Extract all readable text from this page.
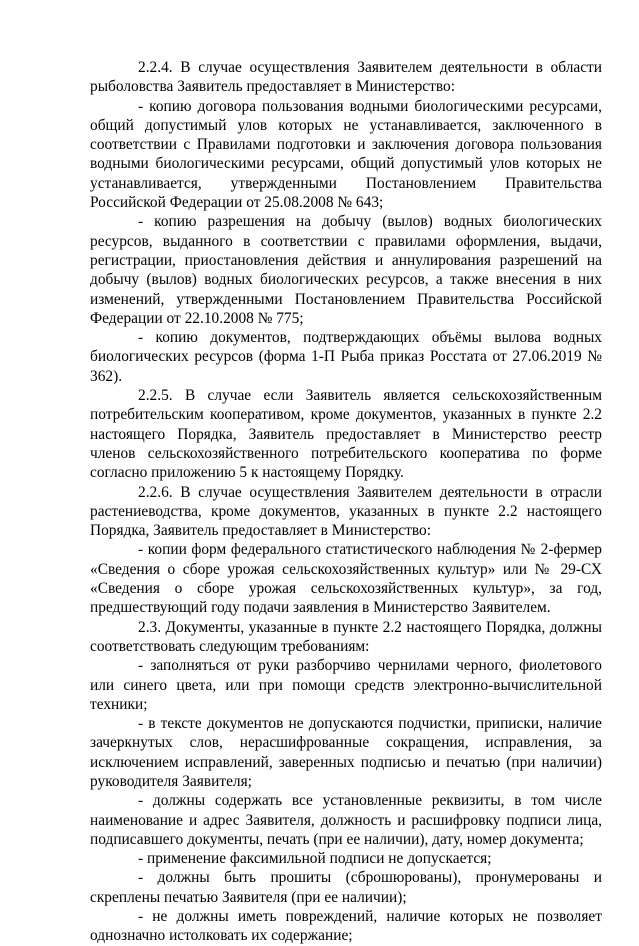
2.2.4. В случае осуществления Заявителем деятельности в области рыболовства Заявитель предоставляет в Министерство:

- копию договора пользования водными биологическими ресурсами, общий допустимый улов которых не устанавливается, заключенного в соответствии с Правилами подготовки и заключения договора пользования водными биологическими ресурсами, общий допустимый улов которых не устанавливается, утвержденными Постановлением Правительства Российской Федерации от 25.08.2008 № 643;

- копию разрешения на добычу (вылов) водных биологических ресурсов, выданного в соответствии с правилами оформления, выдачи, регистрации, приостановления действия и аннулирования разрешений на добычу (вылов) водных биологических ресурсов, а также внесения в них изменений, утвержденными Постановлением Правительства Российской Федерации от 22.10.2008 № 775;

- копию документов, подтверждающих объёмы вылова водных биологических ресурсов (форма 1-П Рыба приказ Росстата от 27.06.2019 № 362).

2.2.5. В случае если Заявитель является сельскохозяйственным потребительским кооперативом, кроме документов, указанных в пункте 2.2 настоящего Порядка, Заявитель предоставляет в Министерство реестр членов сельскохозяйственного потребительского кооператива по форме согласно приложению 5 к настоящему Порядку.

2.2.6. В случае осуществления Заявителем деятельности в отрасли растениеводства, кроме документов, указанных в пункте 2.2 настоящего Порядка, Заявитель предоставляет в Министерство:

- копии форм федерального статистического наблюдения № 2-фермер «Сведения о сборе урожая сельскохозяйственных культур» или № 29-СХ «Сведения о сборе урожая сельскохозяйственных культур», за год, предшествующий году подачи заявления в Министерство Заявителем.

2.3. Документы, указанные в пункте 2.2 настоящего Порядка, должны соответствовать следующим требованиям:

- заполняться от руки разборчиво чернилами черного, фиолетового или синего цвета, или при помощи средств электронно-вычислительной техники;

- в тексте документов не допускаются подчистки, приписки, наличие зачеркнутых слов, нерасшифрованные сокращения, исправления, за исключением исправлений, заверенных подписью и печатью (при наличии) руководителя Заявителя;

- должны содержать все установленные реквизиты, в том числе наименование и адрес Заявителя, должность и расшифровку подписи лица, подписавшего документы, печать (при ее наличии), дату, номер документа;

- применение факсимильной подписи не допускается;

- должны быть прошиты (сброшюрованы), пронумерованы и скреплены печатью Заявителя (при ее наличии);

- не должны иметь повреждений, наличие которых не позволяет однозначно истолковать их содержание;
